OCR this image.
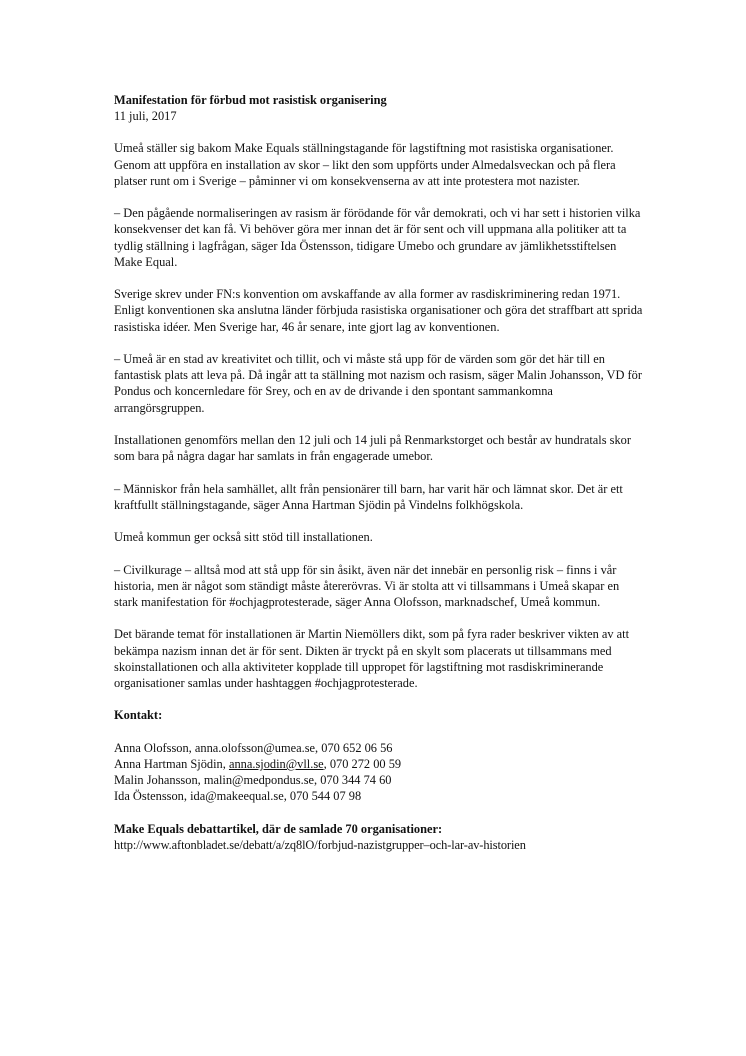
Manifestation för förbud mot rasistisk organisering
11 juli, 2017

Umeå ställer sig bakom Make Equals ställningstagande för lagstiftning mot rasistiska organisationer. Genom att uppföra en installation av skor – likt den som uppförts under Almedalsveckan och på flera platser runt om i Sverige – påminner vi om konsekvenserna av att inte protestera mot nazister.

– Den pågående normaliseringen av rasism är förödande för vår demokrati, och vi har sett i historien vilka konsekvenser det kan få. Vi behöver göra mer innan det är för sent och vill uppmana alla politiker att ta tydlig ställning i lagfrågan, säger Ida Östensson, tidigare Umebo och grundare av jämlikhetsstiftelsen Make Equal.

Sverige skrev under FN:s konvention om avskaffande av alla former av rasdiskriminering redan 1971. Enligt konventionen ska anslutna länder förbjuda rasistiska organisationer och göra det straffbart att sprida rasistiska idéer. Men Sverige har, 46 år senare, inte gjort lag av konventionen.

– Umeå är en stad av kreativitet och tillit, och vi måste stå upp för de värden som gör det här till en fantastisk plats att leva på. Då ingår att ta ställning mot nazism och rasism, säger Malin Johansson, VD för Pondus och koncernledare för Srey, och en av de drivande i den spontant sammankomna arrangörsgruppen.

Installationen genomförs mellan den 12 juli och 14 juli på Renmarkstorget och består av hundratals skor som bara på några dagar har samlats in från engagerade umebor.

– Människor från hela samhället, allt från pensionärer till barn, har varit här och lämnat skor. Det är ett kraftfullt ställningstagande, säger Anna Hartman Sjödin på Vindelns folkhögskola.

Umeå kommun ger också sitt stöd till installationen.

– Civilkurage – alltså mod att stå upp för sin åsikt, även när det innebär en personlig risk – finns i vår historia, men är något som ständigt måste återerövras. Vi är stolta att vi tillsammans i Umeå skapar en stark manifestation för #ochjagprotesterade, säger Anna Olofsson, marknadschef, Umeå kommun.

Det bärande temat för installationen är Martin Niemöllers dikt, som på fyra rader beskriver vikten av att bekämpa nazism innan det är för sent. Dikten är tryckt på en skylt som placerats ut tillsammans med skoinstallationen och alla aktiviteter kopplade till uppropet för lagstiftning mot rasdiskriminerande organisationer samlas under hashtaggen #ochjagprotesterade.

Kontakt:
Anna Olofsson, anna.olofsson@umea.se, 070 652 06 56
Anna Hartman Sjödin, anna.sjodin@vll.se, 070 272 00 59
Malin Johansson, malin@medpondus.se, 070 344 74 60
Ida Östensson, ida@makeequal.se, 070 544 07 98
Make Equals debattartikel, där de samlade 70 organisationer:
http://www.aftonbladet.se/debatt/a/zq8lO/forbjud-nazistgrupper–och-lar-av-historien
